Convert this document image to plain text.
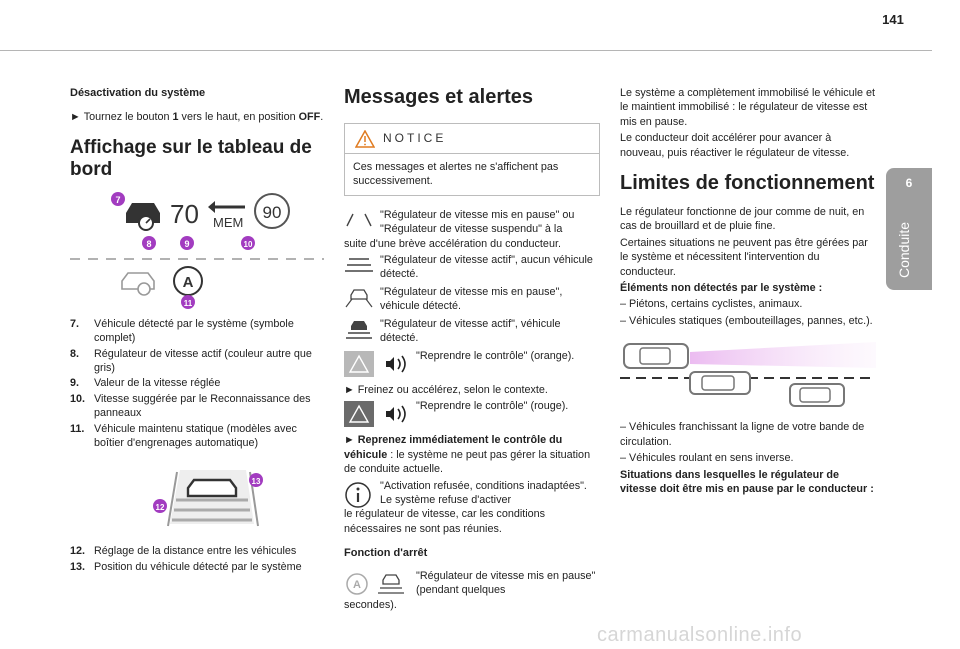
141
6
Conduite
Désactivation du système

► Tournez le bouton 1 vers le haut, en position OFF.

Affichage sur le tableau de bord
70 MEM
90
7
8	9	10
A
11
7.	Véhicule détecté par le système (symbole complet)
8.	Régulateur de vitesse actif (couleur autre que gris)
9.	Valeur de la vitesse réglée
10. Vitesse suggérée par le Reconnaissance des panneaux
11. Véhicule maintenu statique (modèles avec boîtier d'engrenages automatique)
13
12
12. Réglage de la distance entre les véhicules
13. Position du véhicule détecté par le système
Messages et alertes
NOTICE
Ces messages et alertes ne s'affichent pas successivement.
"Régulateur de vitesse mis en pause" ou "Régulateur de vitesse suspendu" à la
suite d'une brève accélération du conducteur.
"Régulateur de vitesse actif", aucun véhicule détecté.
"Régulateur de vitesse mis en pause", véhicule détecté.
"Régulateur de vitesse actif", véhicule détecté.
"Reprendre le contrôle" (orange).

► Freinez ou accélérez, selon le contexte.

"Reprendre le contrôle" (rouge).

► Reprenez immédiatement le contrôle du véhicule : le système ne peut pas gérer la situation de conduite actuelle.

"Activation refusée, conditions inadaptées". Le système refuse d'activer
le régulateur de vitesse, car les conditions nécessaires ne sont pas réunies.
Fonction d'arrêt
A
"Régulateur de vitesse mis en pause" (pendant quelques
secondes).

Le système a complètement immobilisé le véhicule et le maintient immobilisé : le régulateur de vitesse est mis en pause.

Le conducteur doit accélérer pour avancer à nouveau, puis réactiver le régulateur de vitesse.

Limites de fonctionnement

Le régulateur fonctionne de jour comme de nuit, en cas de brouillard et de pluie fine.

Certaines situations ne peuvent pas être gérées par le système et nécessitent l'intervention du conducteur.

Éléments non détectés par le système :

– Piétons, certains cyclistes, animaux.

– Véhicules statiques (embouteillages, pannes, etc.).

– Véhicules franchissant la ligne de votre bande de circulation.

– Véhicules roulant en sens inverse.

Situations dans lesquelles le régulateur de vitesse doit être mis en pause par le conducteur :

carmanualsonline.info
